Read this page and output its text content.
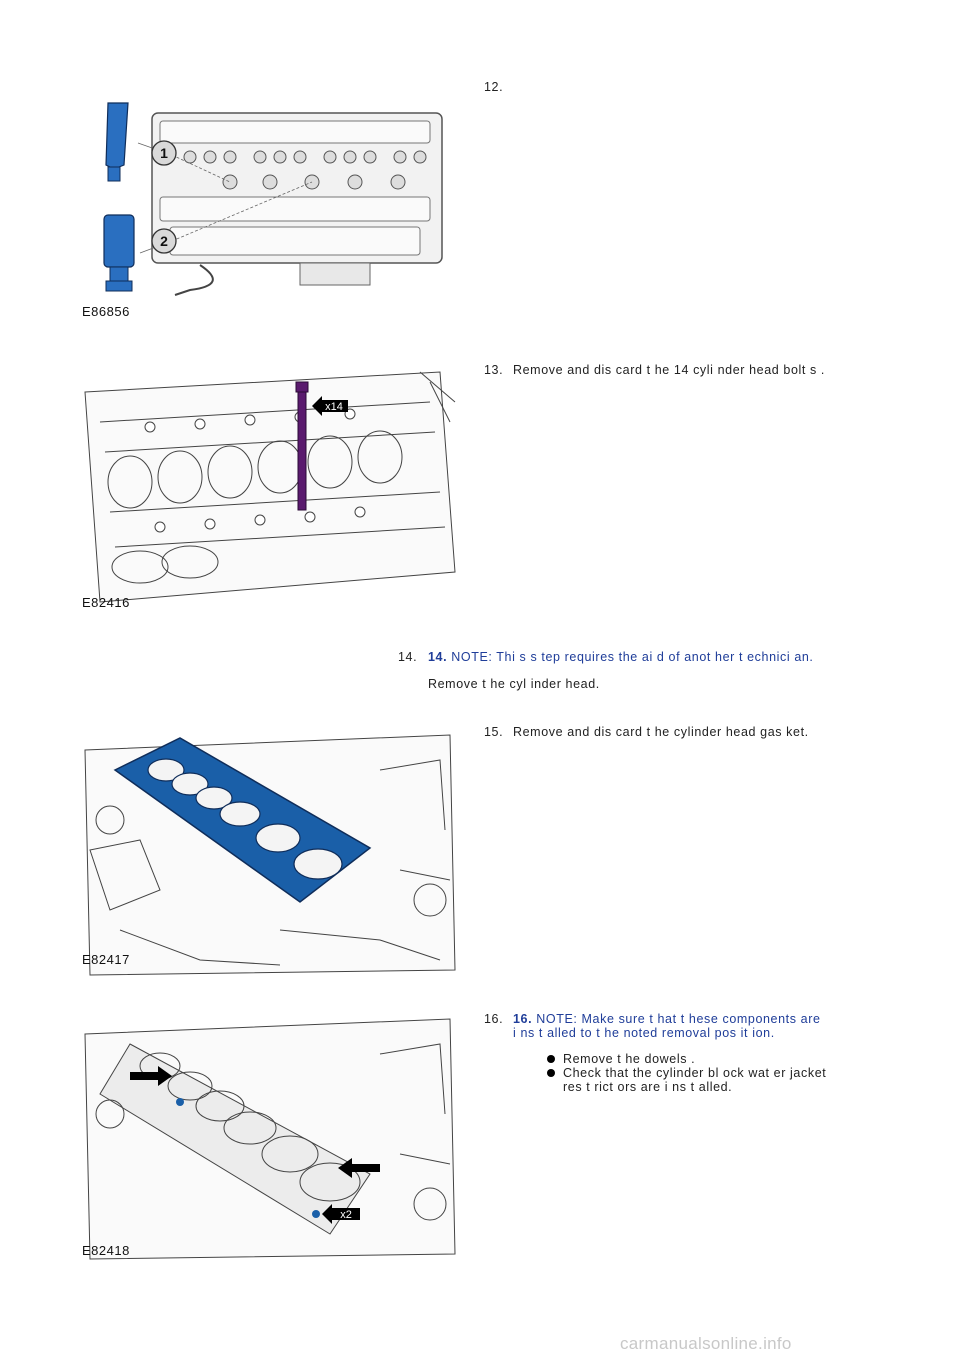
1
2
E86856
12.
x14
E82416
13. Remove and dis card t he 14 cyli nder head bolt s .
14. 14. NOTE: Thi s s tep requires the ai d of anot her t echnici an.
Remove t he cyl inder head.
E82417
15. Remove and dis card t he cylinder head gas ket.
x2
E82418
16. 16. NOTE: Make sure t hat t hese components are
i ns t alled to t he noted removal pos it ion.
Remove t he dowels .
Check that the cylinder bl ock wat er jacket
res t rict ors are i ns t alled.
carmanualsonline.info
